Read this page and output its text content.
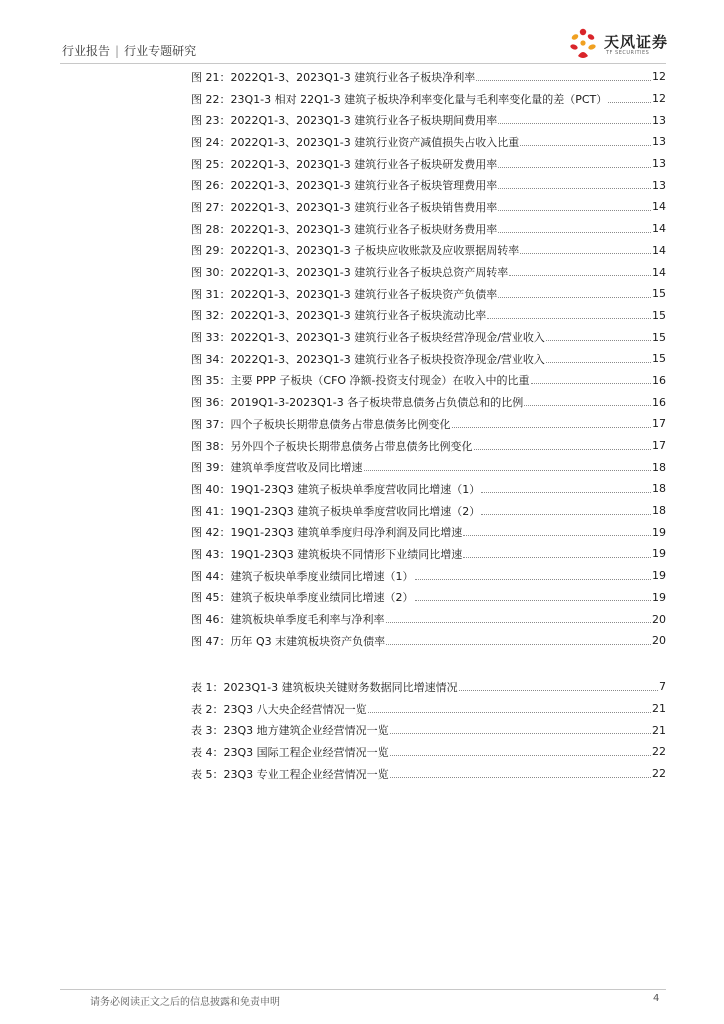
行业报告 | 行业专题研究	天风证券
TF SECURITIES
图 21：2022Q1-3、2023Q1-3 建筑行业各子板块净利率	12
图 22：23Q1-3 相对 22Q1-3 建筑子板块净利率变化量与毛利率变化量的差（PCT）	12
图 23：2022Q1-3、2023Q1-3 建筑行业各子板块期间费用率	13
图 24：2022Q1-3、2023Q1-3 建筑行业资产减值损失占收入比重	13
图 25：2022Q1-3、2023Q1-3 建筑行业各子板块研发费用率	13
图 26：2022Q1-3、2023Q1-3 建筑行业各子板块管理费用率	13
图 27：2022Q1-3、2023Q1-3 建筑行业各子板块销售费用率	14
图 28：2022Q1-3、2023Q1-3 建筑行业各子板块财务费用率	14
图 29：2022Q1-3、2023Q1-3 子板块应收账款及应收票据周转率	14
图 30：2022Q1-3、2023Q1-3 建筑行业各子板块总资产周转率	14
图 31：2022Q1-3、2023Q1-3 建筑行业各子板块资产负债率	15
图 32：2022Q1-3、2023Q1-3 建筑行业各子板块流动比率	15
图 33：2022Q1-3、2023Q1-3 建筑行业各子板块经营净现金/营业收入	15
图 34：2022Q1-3、2023Q1-3 建筑行业各子板块投资净现金/营业收入	15
图 35：主要 PPP 子板块（CFO 净额-投资支付现金）在收入中的比重	16
图 36：2019Q1-3-2023Q1-3 各子板块带息债务占负债总和的比例	16
图 37：四个子板块长期带息债务占带息债务比例变化	17
图 38：另外四个子板块长期带息债务占带息债务比例变化	17
图 39：建筑单季度营收及同比增速	18
图 40：19Q1-23Q3 建筑子板块单季度营收同比增速（1）	18
图 41：19Q1-23Q3 建筑子板块单季度营收同比增速（2）	18
图 42：19Q1-23Q3 建筑单季度归母净利润及同比增速	19
图 43：19Q1-23Q3 建筑板块不同情形下业绩同比增速	19
图 44：建筑子板块单季度业绩同比增速（1）	19
图 45：建筑子板块单季度业绩同比增速（2）	19
图 46：建筑板块单季度毛利率与净利率	20
图 47：历年 Q3 末建筑板块资产负债率	20
表 1：2023Q1-3 建筑板块关键财务数据同比增速情况	7
表 2：23Q3 八大央企经营情况一览	21
表 3：23Q3 地方建筑企业经营情况一览	21
表 4：23Q3 国际工程企业经营情况一览	22
表 5：23Q3 专业工程企业经营情况一览	22
请务必阅读正文之后的信息披露和免责申明	4
